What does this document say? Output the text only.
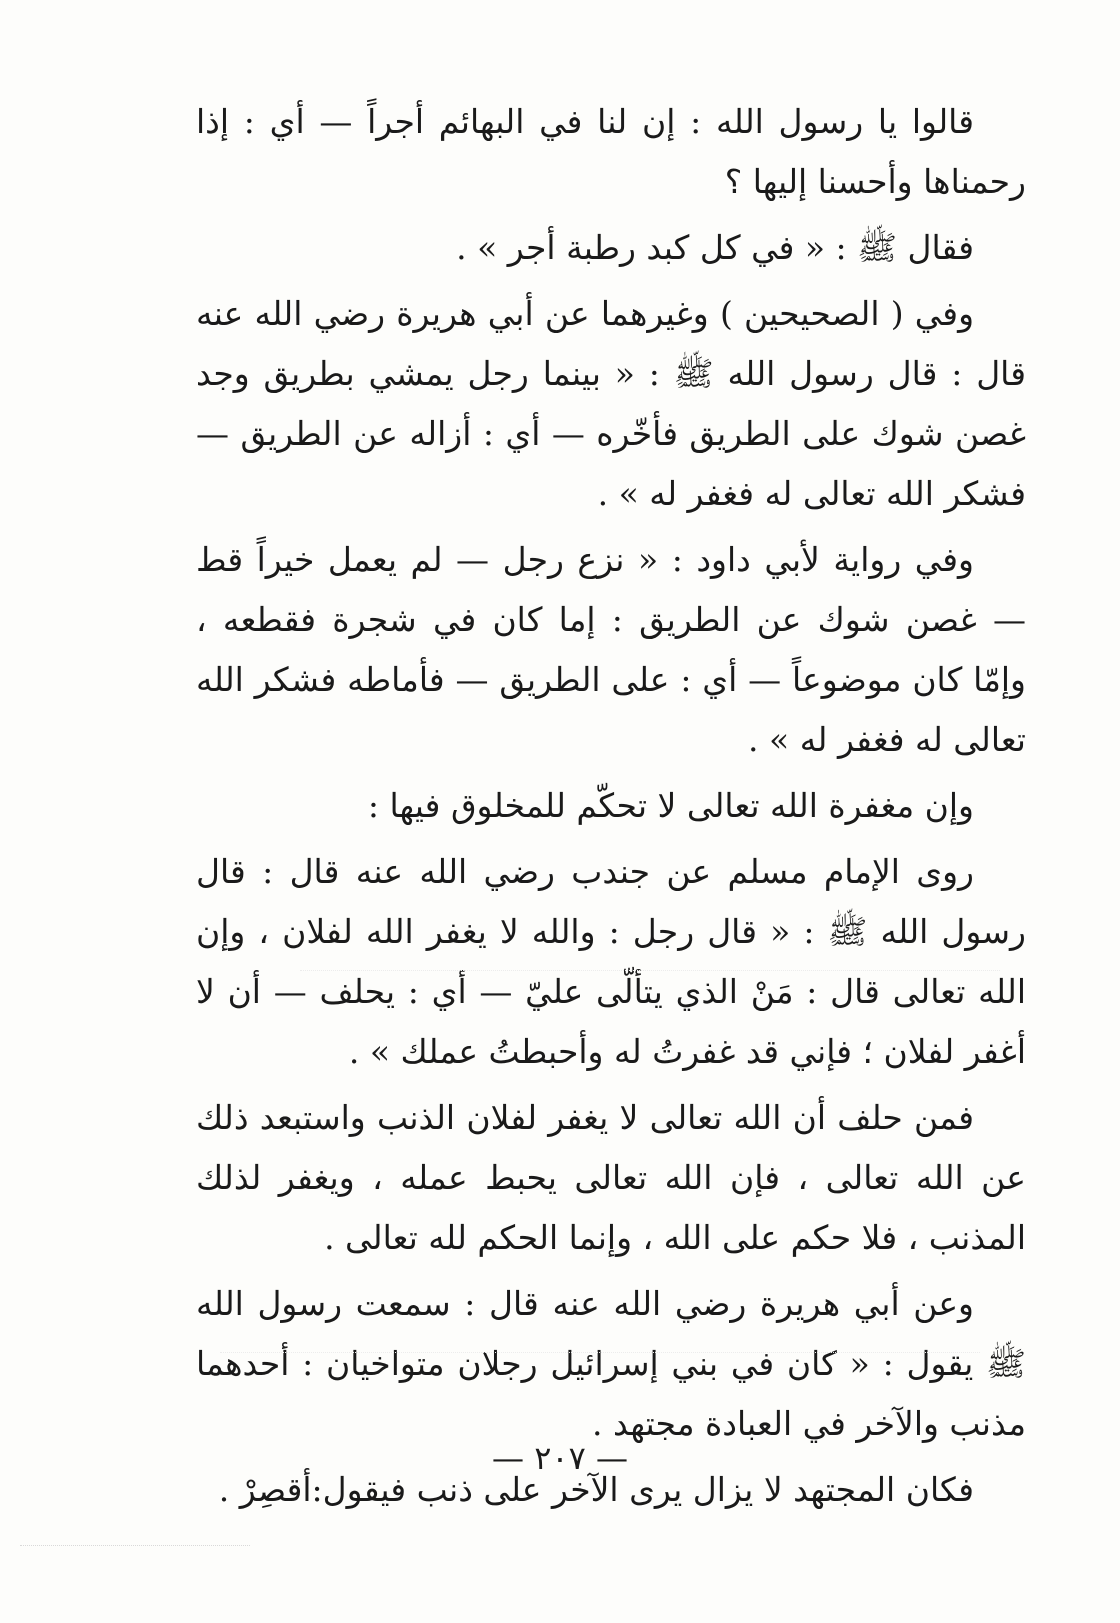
قالوا يا رسول الله : إن لنا في البهائم أجراً — أي : إذا رحمناها وأحسنا إليها ؟

فقال ﷺ : « في كل كبد رطبة أجر » .

وفي ( الصحيحين ) وغيرهما عن أبي هريرة رضي الله عنه قال : قال رسول الله ﷺ : « بينما رجل يمشي بطريق وجد غصن شوك على الطريق فأخّره — أي : أزاله عن الطريق — فشكر الله تعالى له فغفر له » .

وفي رواية لأبي داود : « نزع رجل — لم يعمل خيراً قط — غصن شوك عن الطريق : إما كان في شجرة فقطعه ، وإمّا كان موضوعاً — أي : على الطريق — فأماطه فشكر الله تعالى له فغفر له » .

وإن مغفرة الله تعالى لا تحكّم للمخلوق فيها :

روى الإمام مسلم عن جندب رضي الله عنه قال : قال رسول الله ﷺ : « قال رجل : والله لا يغفر الله لفلان ، وإن الله تعالى قال : مَنْ الذي يتألّى عليّ — أي : يحلف — أن لا أغفر لفلان ؛ فإني قد غفرتُ له وأحبطتُ عملك » .

فمن حلف أن الله تعالى لا يغفر لفلان الذنب واستبعد ذلك عن الله تعالى ، فإن الله تعالى يحبط عمله ، ويغفر لذلك المذنب ، فلا حكم على الله ، وإنما الحكم لله تعالى .

وعن أبي هريرة رضي الله عنه قال : سمعت رسول الله ﷺ يقول : « كان في بني إسرائيل رجلان متواخيان : أحدهما مذنب والآخر في العبادة مجتهد .

فكان المجتهد لا يزال يرى الآخر على ذنب فيقول:أقصِرْ .

— ٢٠٧ —
